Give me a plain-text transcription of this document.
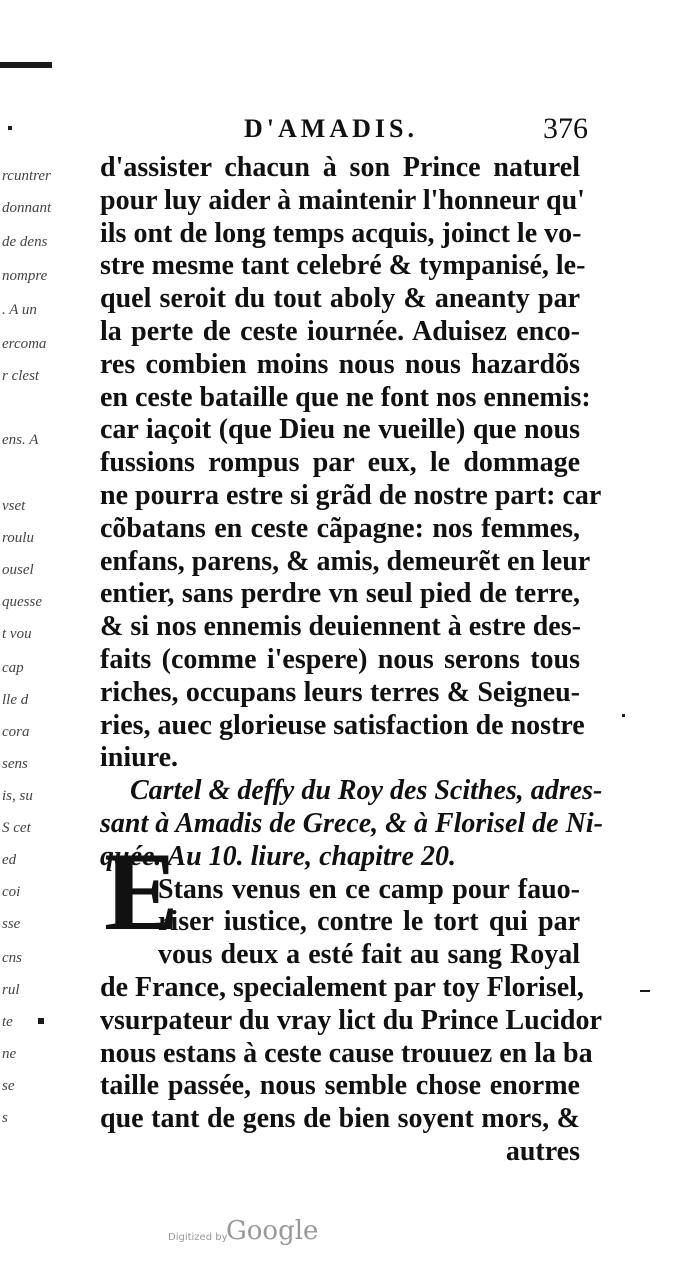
D'AMADIS.	376
rcuntrer
donnant
de dens
nompre
. A un
ercoma
r clest
ens. A
vset
roulu
ousel
quesse
t vou
cap
lle d
cora
sens
is, su
S cet
ed
coi
sse
cns
rul
te
ne
se
s
d'assister chacun à son Prince naturel
pour luy aider à maintenir l'honneur qu'
ils ont de long temps acquis, joinct le vo-
stre mesme tant celebré & tympanisé, le-
quel seroit du tout aboly & aneanty par
la perte de ceste iournée. Aduisez enco-
res combien moins nous nous hazardõs
en ceste bataille que ne font nos ennemis:
car iaçoit (que Dieu ne vueille) que nous
fussions rompus par eux, le dommage
ne pourra estre si grãd de nostre part: car
cõbatans en ceste cãpagne: nos femmes,
enfans, parens, & amis, demeurẽt en leur
entier, sans perdre vn seul pied de terre,
& si nos ennemis deuiennent à estre des-
faits (comme i'espere) nous serons tous
riches, occupans leurs terres & Seigneu-
ries, auec glorieuse satisfaction de nostre
iniure.
Cartel & deffy du Roy des Scithes, adres-
sant à Amadis de Grece, & à Florisel de Ni-
quée. Au 10. liure, chapitre 20.
Stans venus en ce camp pour fauo-
riser iustice, contre le tort qui par
vous deux a esté fait au sang Royal
de France, specialement par toy Florisel,
vsurpateur du vray lict du Prince Lucidor
nous estans à ceste cause trouuez en la ba
taille passée, nous semble chose enorme
que tant de gens de bien soyent mors, &
autres
E
Digitized by
Google
